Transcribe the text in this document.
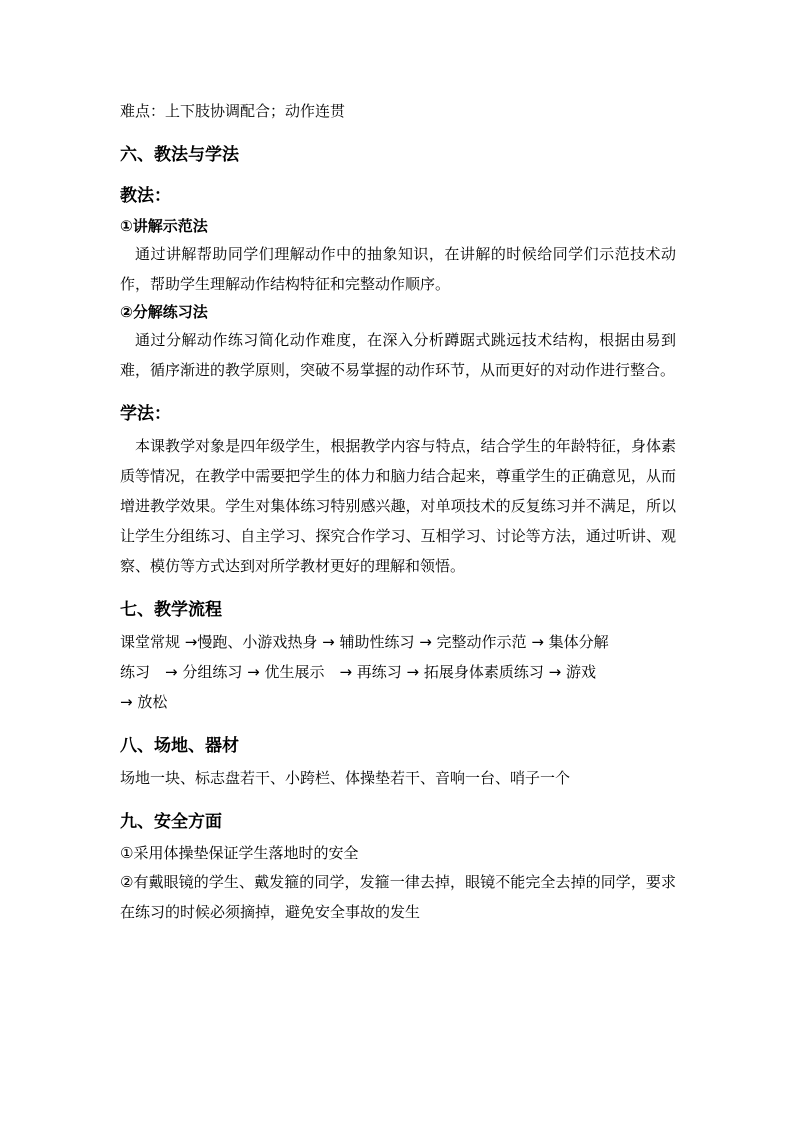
难点：上下肢协调配合；动作连贯
六、教法与学法
教法：
①讲解示范法
通过讲解帮助同学们理解动作中的抽象知识，在讲解的时候给同学们示范技术动作，帮助学生理解动作结构特征和完整动作顺序。
②分解练习法
通过分解动作练习简化动作难度，在深入分析蹲踞式跳远技术结构，根据由易到难，循序渐进的教学原则，突破不易掌握的动作环节，从而更好的对动作进行整合。
学法：
本课教学对象是四年级学生，根据教学内容与特点，结合学生的年龄特征，身体素质等情况，在教学中需要把学生的体力和脑力结合起来，尊重学生的正确意见，从而增进教学效果。学生对集体练习特别感兴趣，对单项技术的反复练习并不满足，所以让学生分组练习、自主学习、探究合作学习、互相学习、讨论等方法，通过听讲、观察、模仿等方式达到对所学教材更好的理解和领悟。
七、教学流程
课堂常规 →慢跑、小游戏热身 → 辅助性练习 → 完整动作示范 → 集体分解
练习　→ 分组练习 → 优生展示　→ 再练习 → 拓展身体素质练习 → 游戏
→ 放松
八、场地、器材
场地一块、标志盘若干、小跨栏、体操垫若干、音响一台、哨子一个
九、安全方面
①采用体操垫保证学生落地时的安全
②有戴眼镜的学生、戴发箍的同学，发箍一律去掉，眼镜不能完全去掉的同学，要求在练习的时候必须摘掉，避免安全事故的发生
